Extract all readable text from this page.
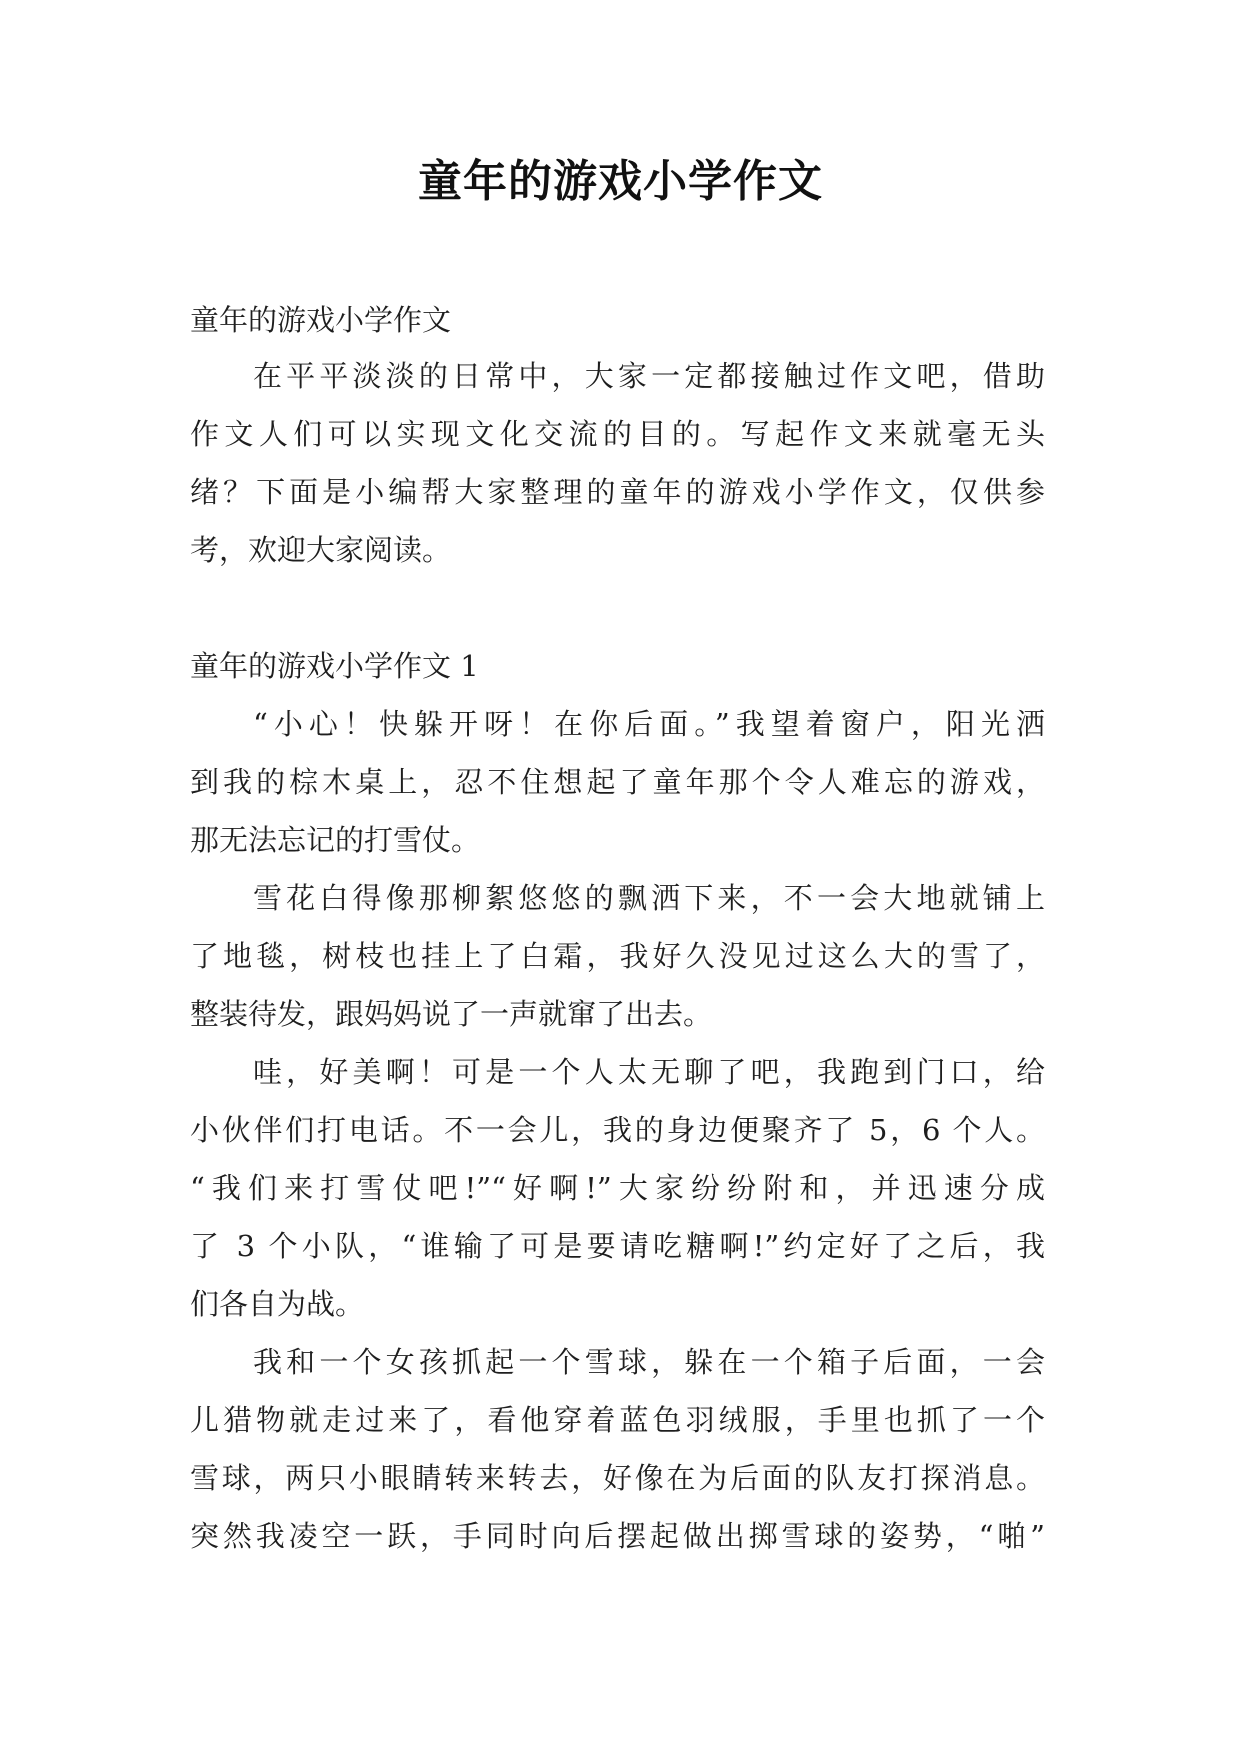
童年的游戏小学作文
童年的游戏小学作文
在平平淡淡的日常中，大家一定都接触过作文吧，借助
作文人们可以实现文化交流的目的。写起作文来就毫无头
绪？下面是小编帮大家整理的童年的游戏小学作文，仅供参
考，欢迎大家阅读。
童年的游戏小学作文 1
“小心！快躲开呀！在你后面。”我望着窗户，阳光洒
到我的棕木桌上，忍不住想起了童年那个令人难忘的游戏，
那无法忘记的打雪仗。
雪花白得像那柳絮悠悠的飘洒下来，不一会大地就铺上
了地毯，树枝也挂上了白霜，我好久没见过这么大的雪了，
整装待发，跟妈妈说了一声就窜了出去。
哇，好美啊！可是一个人太无聊了吧，我跑到门口，给
小伙伴们打电话。不一会儿，我的身边便聚齐了 5，6 个人。
“我们来打雪仗吧!”“好啊!”大家纷纷附和，并迅速分成
了 3 个小队，“谁输了可是要请吃糖啊!”约定好了之后，我
们各自为战。
我和一个女孩抓起一个雪球，躲在一个箱子后面，一会
儿猎物就走过来了，看他穿着蓝色羽绒服，手里也抓了一个
雪球，两只小眼睛转来转去，好像在为后面的队友打探消息。
突然我凌空一跃，手同时向后摆起做出掷雪球的姿势，“啪”
